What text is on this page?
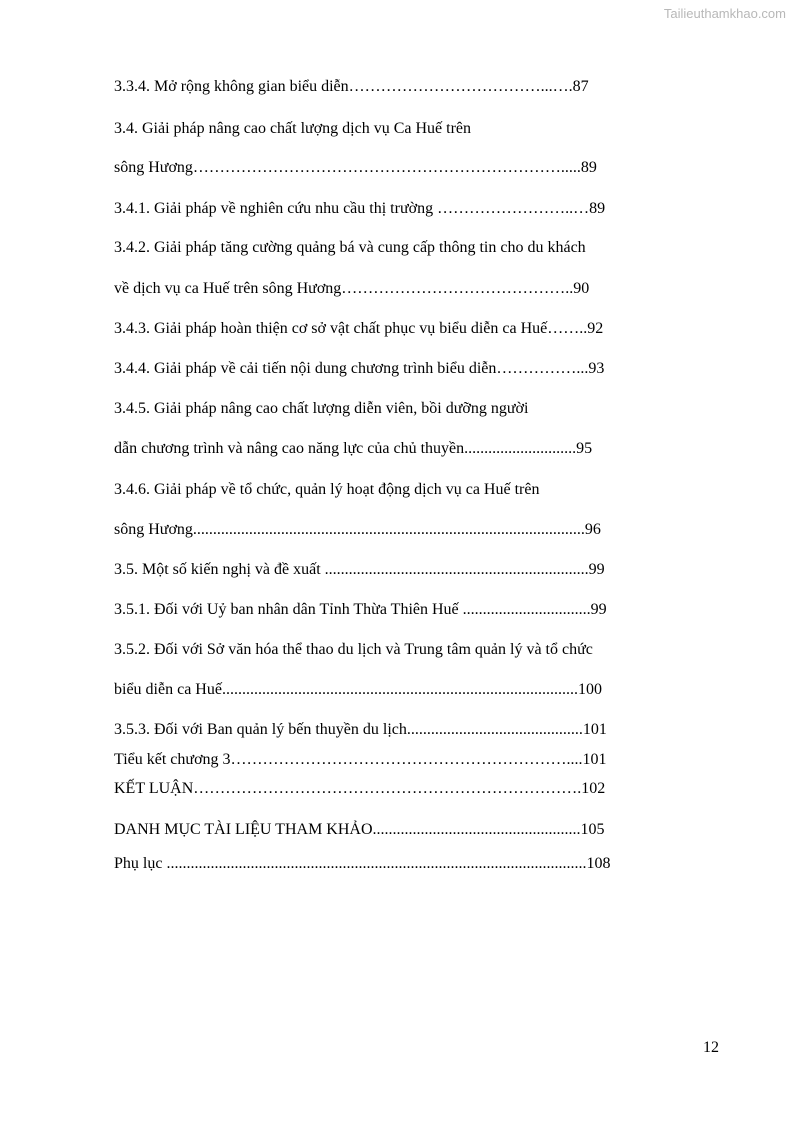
Tailieuthamkhao.com
3.3.4. Mở rộng không gian biểu diễn………………………………...….87
3.4. Giải pháp nâng cao chất lượng dịch vụ Ca Huế trên
sông Hương…………………………………………………………….....89
3.4.1. Giải pháp về nghiên cứu nhu cầu thị trường ……………………..…89
3.4.2. Giải pháp tăng cường quảng bá và cung cấp thông tin cho du khách
về dịch vụ ca Huế trên sông Hương……………………………………..90
3.4.3. Giải pháp hoàn thiện cơ sở vật chất phục vụ biểu diễn ca Huế……..92
3.4.4. Giải pháp về cải tiến nội dung chương trình biểu diễn……………...93
3.4.5. Giải pháp nâng cao chất lượng diễn viên, bồi dưỡng người
dẫn chương trình và nâng cao năng lực của chủ thuyền............................95
3.4.6. Giải pháp về tổ chức, quản lý hoạt động dịch vụ ca Huế trên
sông Hương..................................................................................................96
3.5. Một số kiến nghị và đề xuất ..................................................................99
3.5.1. Đối với Uỷ ban nhân dân Tỉnh Thừa Thiên Huế ................................99
3.5.2. Đối với Sở văn hóa thể thao du lịch và Trung tâm quản lý và tổ chức
biểu diễn ca Huế.........................................................................................100
3.5.3. Đối với Ban quản lý bến thuyền du lịch............................................101
Tiểu kết chương 3………………………………………………………....101
KẾT LUẬN……………………………………………………………….102
DANH MỤC TÀI LIỆU THAM KHẢO....................................................105
Phụ lục .........................................................................................................108
12
